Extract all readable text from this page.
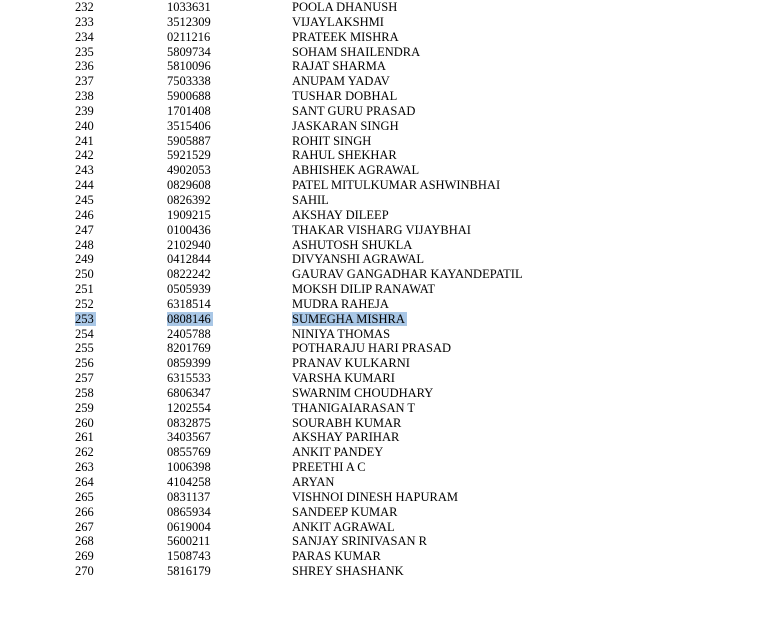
232	1033631	POOLA DHANUSH
233	3512309	VIJAYLAKSHMI
234	0211216	PRATEEK MISHRA
235	5809734	SOHAM SHAILENDRA
236	5810096	RAJAT SHARMA
237	7503338	ANUPAM YADAV
238	5900688	TUSHAR DOBHAL
239	1701408	SANT GURU PRASAD
240	3515406	JASKARAN SINGH
241	5905887	ROHIT SINGH
242	5921529	RAHUL SHEKHAR
243	4902053	ABHISHEK AGRAWAL
244	0829608	PATEL MITULKUMAR ASHWINBHAI
245	0826392	SAHIL
246	1909215	AKSHAY DILEEP
247	0100436	THAKAR VISHARG VIJAYBHAI
248	2102940	ASHUTOSH SHUKLA
249	0412844	DIVYANSHI AGRAWAL
250	0822242	GAURAV GANGADHAR KAYANDEPATIL
251	0505939	MOKSH DILIP RANAWAT
252	6318514	MUDRA RAHEJA
253	0808146	SUMEGHA MISHRA
254	2405788	NINIYA THOMAS
255	8201769	POTHARAJU HARI PRASAD
256	0859399	PRANAV KULKARNI
257	6315533	VARSHA KUMARI
258	6806347	SWARNIM CHOUDHARY
259	1202554	THANIGAIARASAN T
260	0832875	SOURABH KUMAR
261	3403567	AKSHAY PARIHAR
262	0855769	ANKIT PANDEY
263	1006398	PREETHI A C
264	4104258	ARYAN
265	0831137	VISHNOI DINESH HAPURAM
266	0865934	SANDEEP KUMAR
267	0619004	ANKIT AGRAWAL
268	5600211	SANJAY SRINIVASAN R
269	1508743	PARAS KUMAR
270	5816179	SHREY SHASHANK
